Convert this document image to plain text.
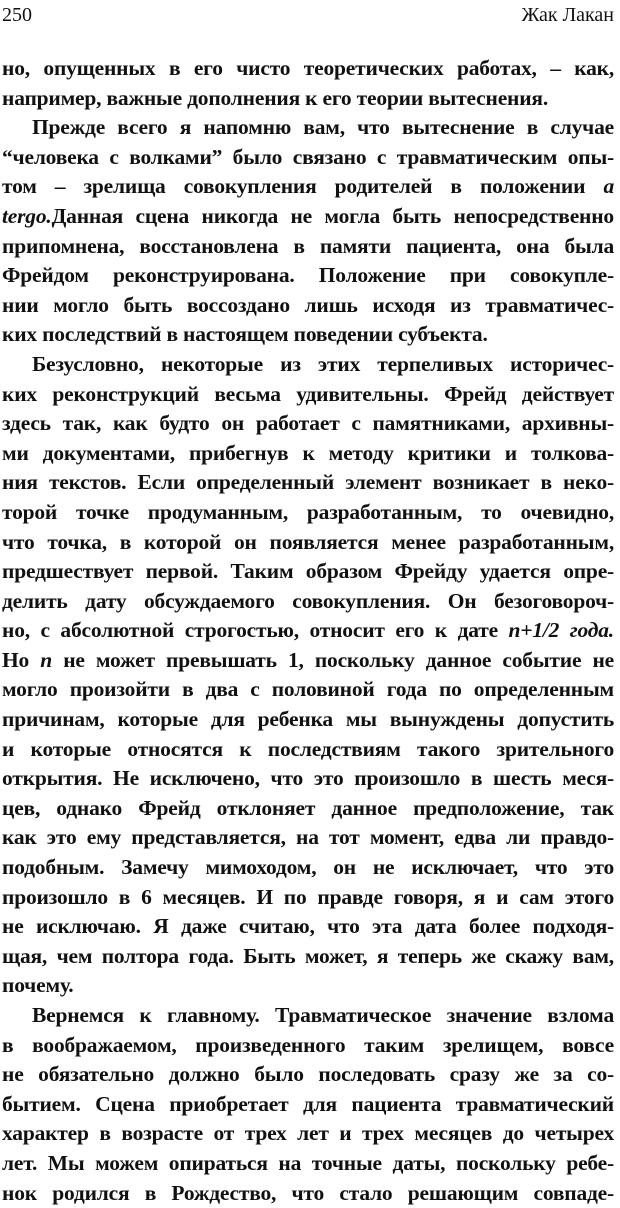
250	Жак Лакан
но, опущенных в его чисто теоретических работах, – как,
например, важные дополнения к его теории вытеснения.
Прежде всего я напомню вам, что вытеснение в случае
“человека с волками” было связано с травматическим опы-
том – зрелища совокупления родителей в положении a
tergo.Данная сцена никогда не могла быть непосредственно
припомнена, восстановлена в памяти пациента, она была
Фрейдом реконструирована. Положение при совокупле-
нии могло быть воссоздано лишь исходя из травматичес-
ких последствий в настоящем поведении субъекта.
Безусловно, некоторые из этих терпеливых историчес-
ких реконструкций весьма удивительны. Фрейд действует
здесь так, как будто он работает с памятниками, архивны-
ми документами, прибегнув к методу критики и толкова-
ния текстов. Если определенный элемент возникает в неко-
торой точке продуманным, разработанным, то очевидно,
что точка, в которой он появляется менее разработанным,
предшествует первой. Таким образом Фрейду удается опре-
делить дату обсуждаемого совокупления. Он безоговороч-
но, с абсолютной строгостью, относит его к дате n+1/2 года.
Но n не может превышать 1, поскольку данное событие не
могло произойти в два с половиной года по определенным
причинам, которые для ребенка мы вынуждены допустить
и которые относятся к последствиям такого зрительного
открытия. Не исключено, что это произошло в шесть меся-
цев, однако Фрейд отклоняет данное предположение, так
как это ему представляется, на тот момент, едва ли правдо-
подобным. Замечу мимоходом, он не исключает, что это
произошло в 6 месяцев. И по правде говоря, я и сам этого
не исключаю. Я даже считаю, что эта дата более подходя-
щая, чем полтора года. Быть может, я теперь же скажу вам,
почему.
Вернемся к главному. Травматическое значение взлома
в воображаемом, произведенного таким зрелищем, вовсе
не обязательно должно было последовать сразу же за со-
бытием. Сцена приобретает для пациента травматический
характер в возрасте от трех лет и трех месяцев до четырех
лет. Мы можем опираться на точные даты, поскольку ребе-
нок родился в Рождество, что стало решающим совпаде-
